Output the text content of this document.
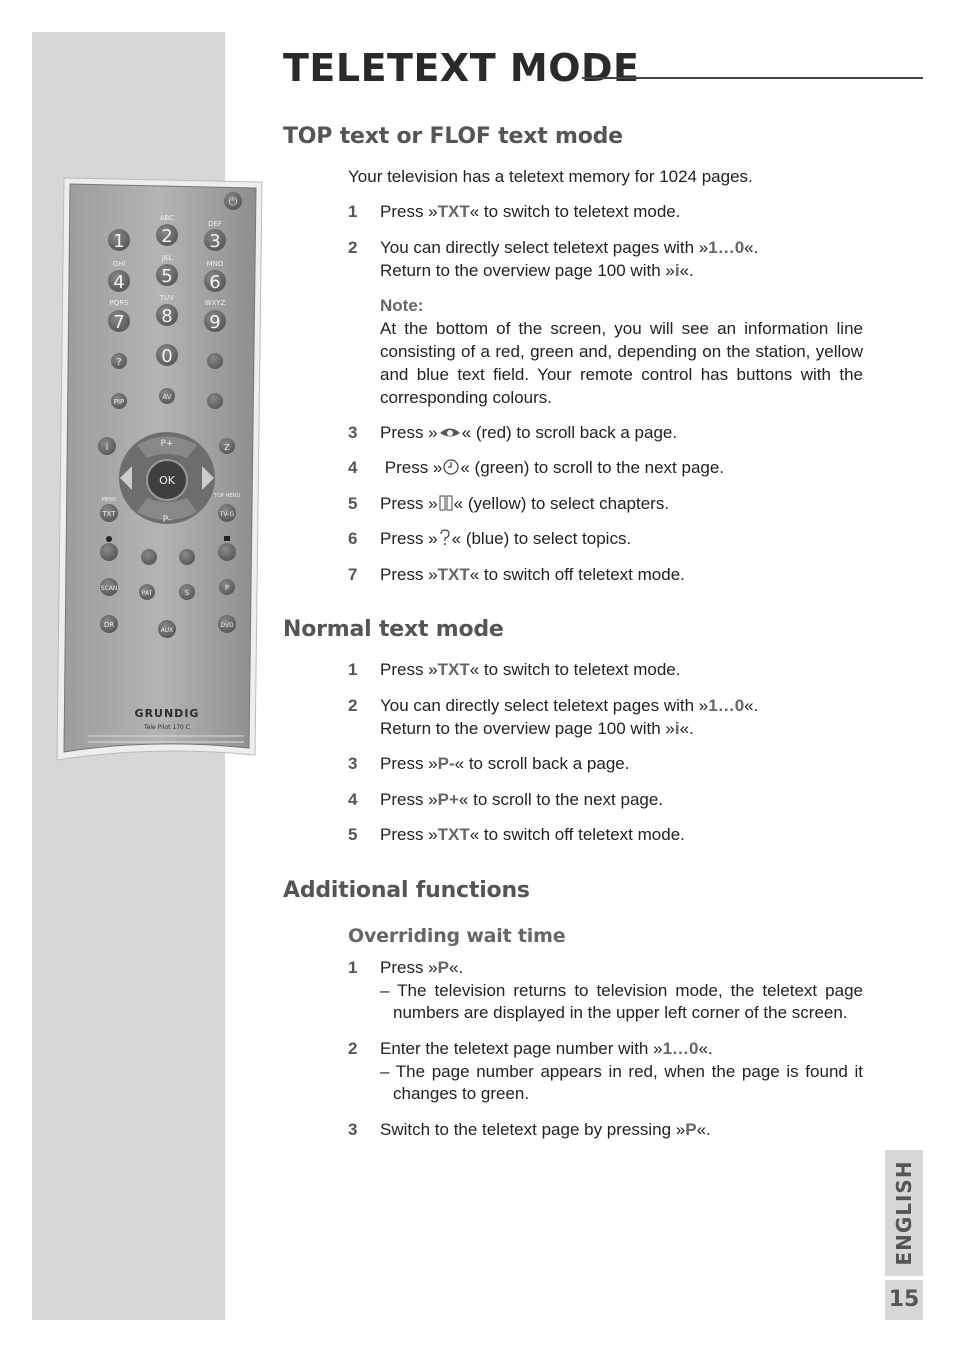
⏻
ABC
DEF
GHI
JKL
MNO
PQRS
TUV
WXYZ
1 2 3
4 5 6
7 8 9
0
?
PIP
AV
i	Z
P+
P-
OK
MENU
TXT
TOP MENU
TV-G
SCAN
PAT	S
P
DR
AUX
DVD
GRUNDIG
Tele Pilot 170 C
TELETEXT MODE
TOP text or FLOF text mode
Your television has a teletext memory for 1024 pages.
1	Press »TXT« to switch to teletext mode.
2	You can directly select teletext pages with »1…0«.
Return to the overview page 100 with »i«.
Note:
At the bottom of the screen, you will see an information line consisting of a red, green and, depending on the station, yellow and blue text field. Your remote control has buttons with the corresponding colours.
3	Press » « (red) to scroll back a page.
4	Press » « (green) to scroll to the next page.
5	Press » « (yellow) to select chapters.
6	Press » « (blue) to select topics.
7	Press »TXT« to switch off teletext mode.
Normal text mode
1	Press »TXT« to switch to teletext mode.
2	You can directly select teletext pages with »1…0«.
Return to the overview page 100 with »i«.
3	Press »P-« to scroll back a page.
4	Press »P+« to scroll to the next page.
5	Press »TXT« to switch off teletext mode.
Additional functions
Overriding wait time
1	Press »P«.
– The television returns to television mode, the teletext page numbers are displayed in the upper left corner of the screen.
2	Enter the teletext page number with »1…0«.
– The page number appears in red, when the page is found it changes to green.
3	Switch to the teletext page by pressing »P«.
ENGLISH
15
